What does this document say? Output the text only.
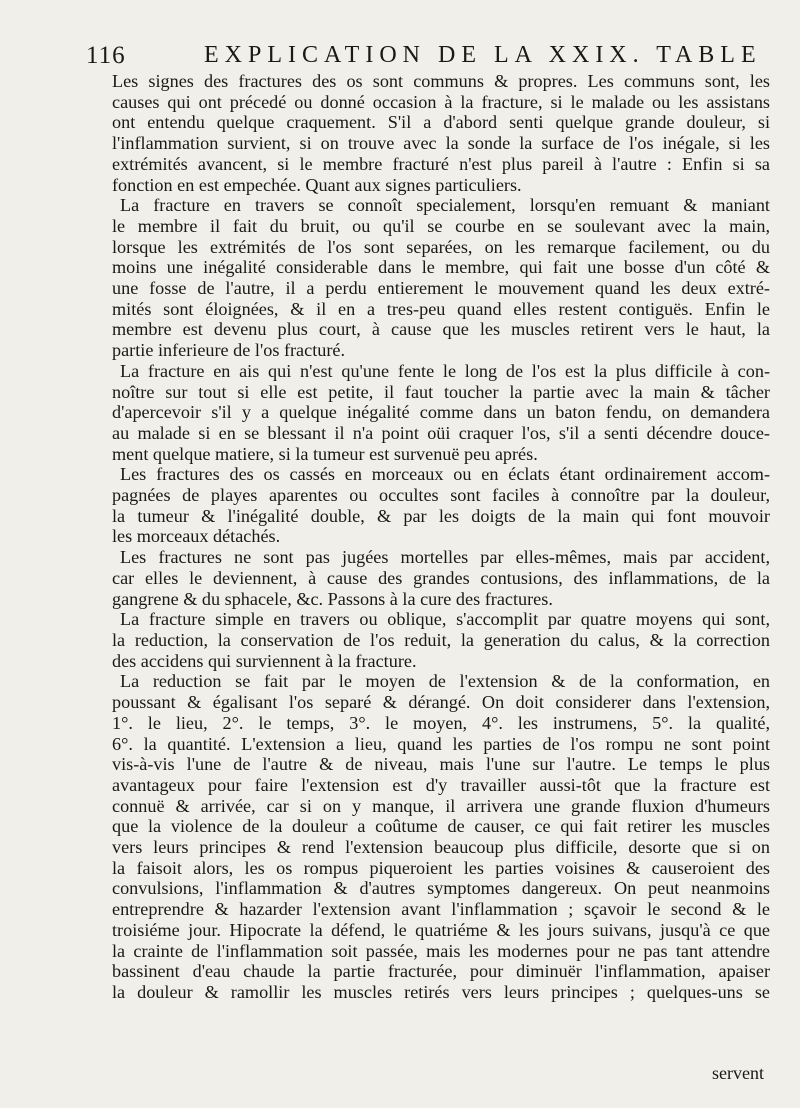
116	EXPLICATION DE LA XXIX. TABLE
Les signes des fractures des os sont communs & propres. Les communs sont, les
causes qui ont précedé ou donné occasion à la fracture, si le malade ou les assistans
ont entendu quelque craquement. S'il a d'abord senti quelque grande douleur, si
l'inflammation survient, si on trouve avec la sonde la surface de l'os inégale, si les
extrémités avancent, si le membre fracturé n'est plus pareil à l'autre : Enfin si sa
fonction en est empechée. Quant aux signes particuliers.
La fracture en travers se connoît specialement, lorsqu'en remuant & maniant
le membre il fait du bruit, ou qu'il se courbe en se soulevant avec la main,
lorsque les extrémités de l'os sont separées, on les remarque facilement, ou du
moins une inégalité considerable dans le membre, qui fait une bosse d'un côté &
une fosse de l'autre, il a perdu entierement le mouvement quand les deux extré-
mités sont éloignées, & il en a tres-peu quand elles restent contiguës. Enfin le
membre est devenu plus court, à cause que les muscles retirent vers le haut, la
partie inferieure de l'os fracturé.
La fracture en ais qui n'est qu'une fente le long de l'os est la plus difficile à con-
noître sur tout si elle est petite, il faut toucher la partie avec la main & tâcher
d'apercevoir s'il y a quelque inégalité comme dans un baton fendu, on demandera
au malade si en se blessant il n'a point oüi craquer l'os, s'il a senti décendre douce-
ment quelque matiere, si la tumeur est survenuë peu aprés.
Les fractures des os cassés en morceaux ou en éclats étant ordinairement accom-
pagnées de playes aparentes ou occultes sont faciles à connoître par la douleur,
la tumeur & l'inégalité double, & par les doigts de la main qui font mouvoir
les morceaux détachés.
Les fractures ne sont pas jugées mortelles par elles-mêmes, mais par accident,
car elles le deviennent, à cause des grandes contusions, des inflammations, de la
gangrene & du sphacele, &c. Passons à la cure des fractures.
La fracture simple en travers ou oblique, s'accomplit par quatre moyens qui sont,
la reduction, la conservation de l'os reduit, la generation du calus, & la correction
des accidens qui surviennent à la fracture.
La reduction se fait par le moyen de l'extension & de la conformation, en
poussant & égalisant l'os separé & dérangé. On doit considerer dans l'extension,
1°. le lieu, 2°. le temps, 3°. le moyen, 4°. les instrumens, 5°. la qualité,
6°. la quantité. L'extension a lieu, quand les parties de l'os rompu ne sont point
vis-à-vis l'une de l'autre & de niveau, mais l'une sur l'autre. Le temps le plus
avantageux pour faire l'extension est d'y travailler aussi-tôt que la fracture est
connuë & arrivée, car si on y manque, il arrivera une grande fluxion d'humeurs
que la violence de la douleur a coûtume de causer, ce qui fait retirer les muscles
vers leurs principes & rend l'extension beaucoup plus difficile, desorte que si on
la faisoit alors, les os rompus piqueroient les parties voisines & causeroient des
convulsions, l'inflammation & d'autres symptomes dangereux. On peut neanmoins
entreprendre & hazarder l'extension avant l'inflammation ; sçavoir le second & le
troisiéme jour. Hipocrate la défend, le quatriéme & les jours suivans, jusqu'à ce que
la crainte de l'inflammation soit passée, mais les modernes pour ne pas tant attendre
bassinent d'eau chaude la partie fracturée, pour diminuër l'inflammation, apaiser
la douleur & ramollir les muscles retirés vers leurs principes ; quelques-uns se
servent
